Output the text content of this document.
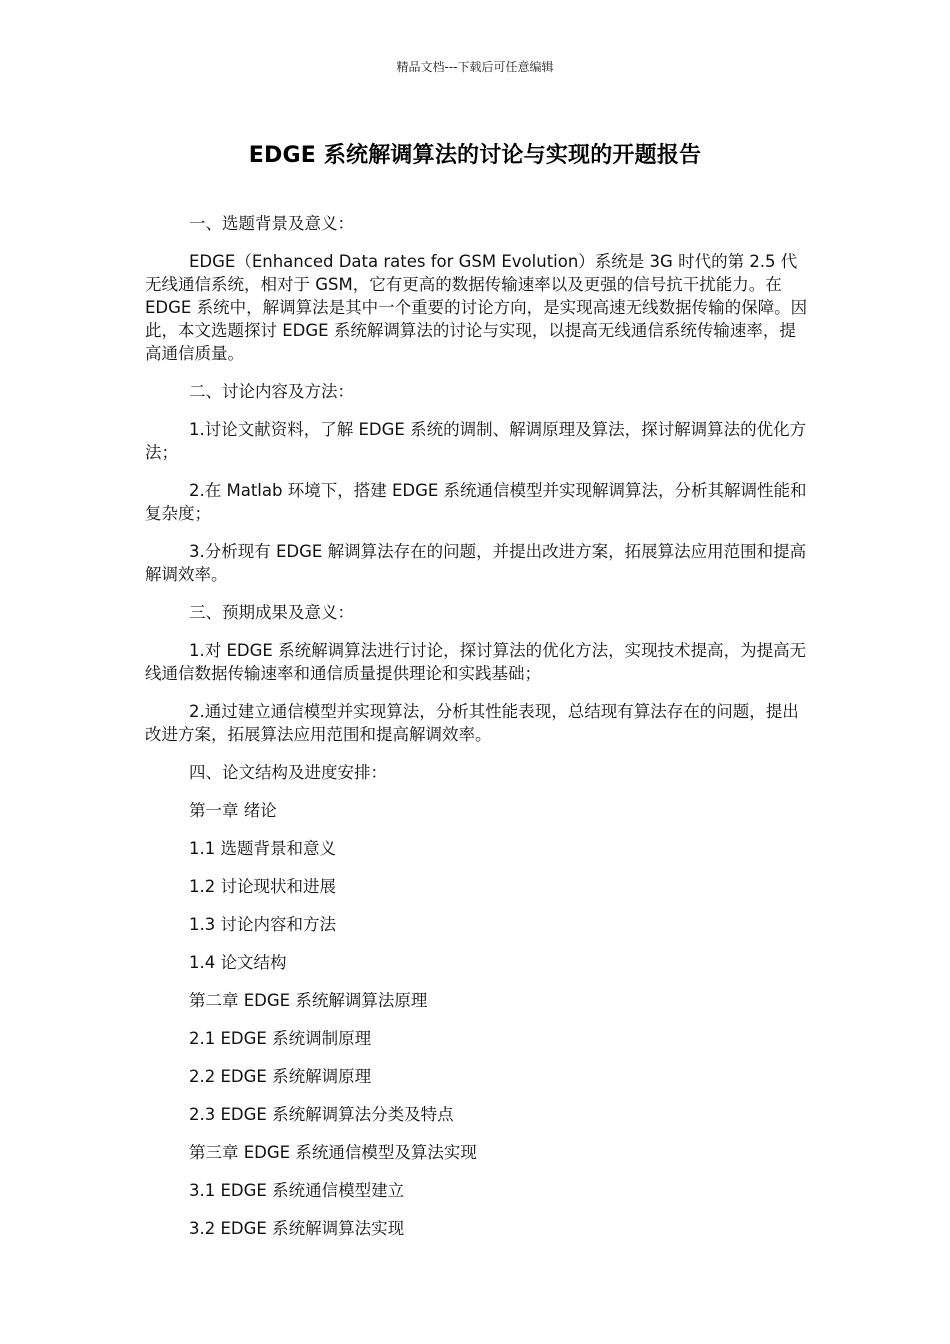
精品文档---下载后可任意编辑
EDGE 系统解调算法的讨论与实现的开题报告

一、选题背景及意义：

EDGE（Enhanced Data rates for GSM Evolution）系统是 3G 时代的第 2.5 代无线通信系统，相对于 GSM，它有更高的数据传输速率以及更强的信号抗干扰能力。在 EDGE 系统中，解调算法是其中一个重要的讨论方向，是实现高速无线数据传输的保障。因此，本文选题探讨 EDGE 系统解调算法的讨论与实现，以提高无线通信系统传输速率，提高通信质量。

二、讨论内容及方法：

1.讨论文献资料，了解 EDGE 系统的调制、解调原理及算法，探讨解调算法的优化方法；

2.在 Matlab 环境下，搭建 EDGE 系统通信模型并实现解调算法，分析其解调性能和复杂度；

3.分析现有 EDGE 解调算法存在的问题，并提出改进方案，拓展算法应用范围和提高解调效率。

三、预期成果及意义：

1.对 EDGE 系统解调算法进行讨论，探讨算法的优化方法，实现技术提高，为提高无线通信数据传输速率和通信质量提供理论和实践基础；

2.通过建立通信模型并实现算法，分析其性能表现，总结现有算法存在的问题，提出改进方案，拓展算法应用范围和提高解调效率。

四、论文结构及进度安排：

第一章 绪论

1.1 选题背景和意义

1.2 讨论现状和进展

1.3 讨论内容和方法

1.4 论文结构

第二章 EDGE 系统解调算法原理

2.1 EDGE 系统调制原理

2.2 EDGE 系统解调原理

2.3 EDGE 系统解调算法分类及特点

第三章 EDGE 系统通信模型及算法实现

3.1 EDGE 系统通信模型建立

3.2 EDGE 系统解调算法实现
